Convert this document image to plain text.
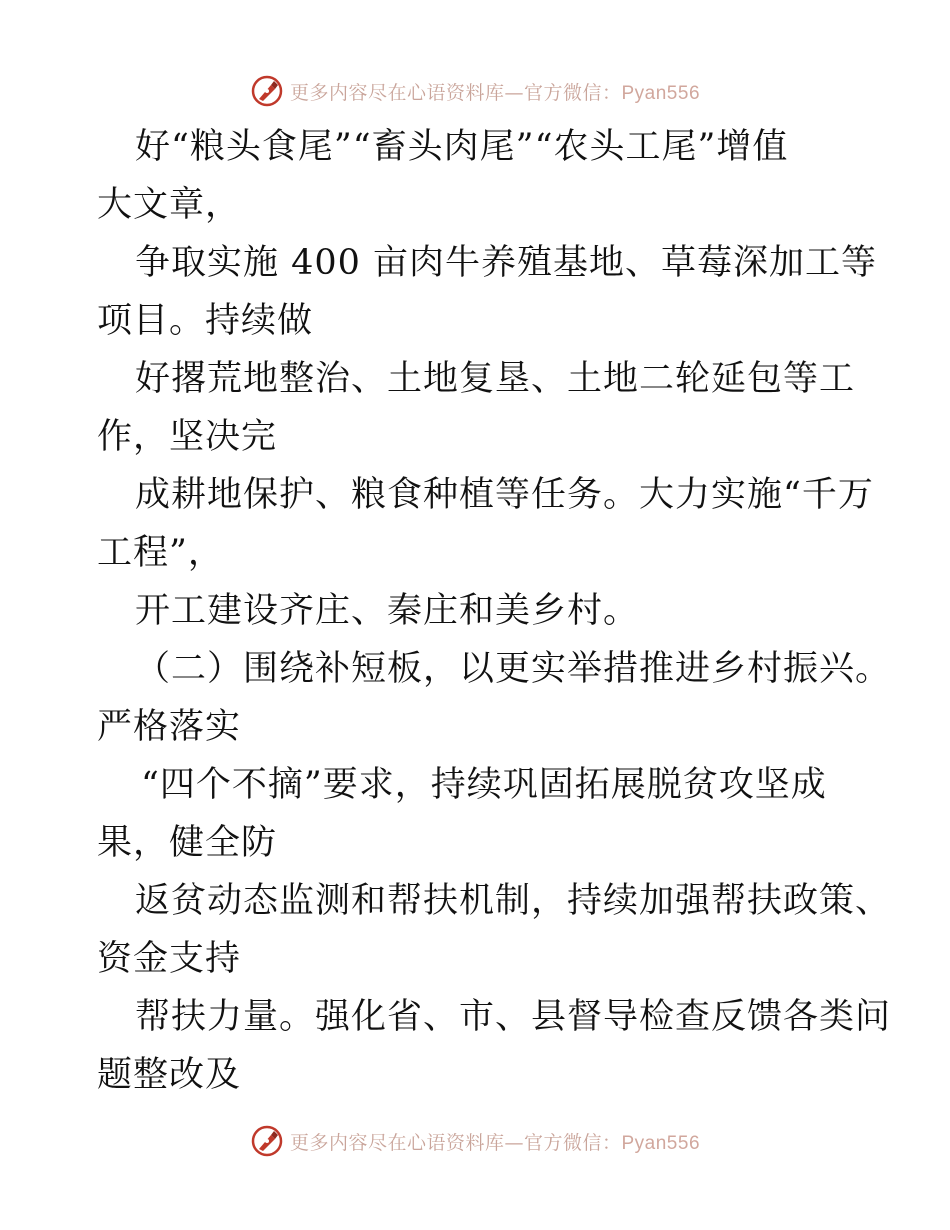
更多内容尽在心语资料库—官方微信：Pyan556
好“粮头食尾”“畜头肉尾”“农头工尾”增值
大文章，
争取实施 400 亩肉牛养殖基地、草莓深加工等
项目。持续做
好撂荒地整治、土地复垦、土地二轮延包等工
作，坚决完
成耕地保护、粮食种植等任务。大力实施“千万
工程”，
开工建设齐庄、秦庄和美乡村。
（二）围绕补短板，以更实举措推进乡村振兴。
严格落实
“四个不摘”要求，持续巩固拓展脱贫攻坚成
果，健全防
返贫动态监测和帮扶机制，持续加强帮扶政策、
资金支持
帮扶力量。强化省、市、县督导检查反馈各类问
题整改及
更多内容尽在心语资料库—官方微信：Pyan556
